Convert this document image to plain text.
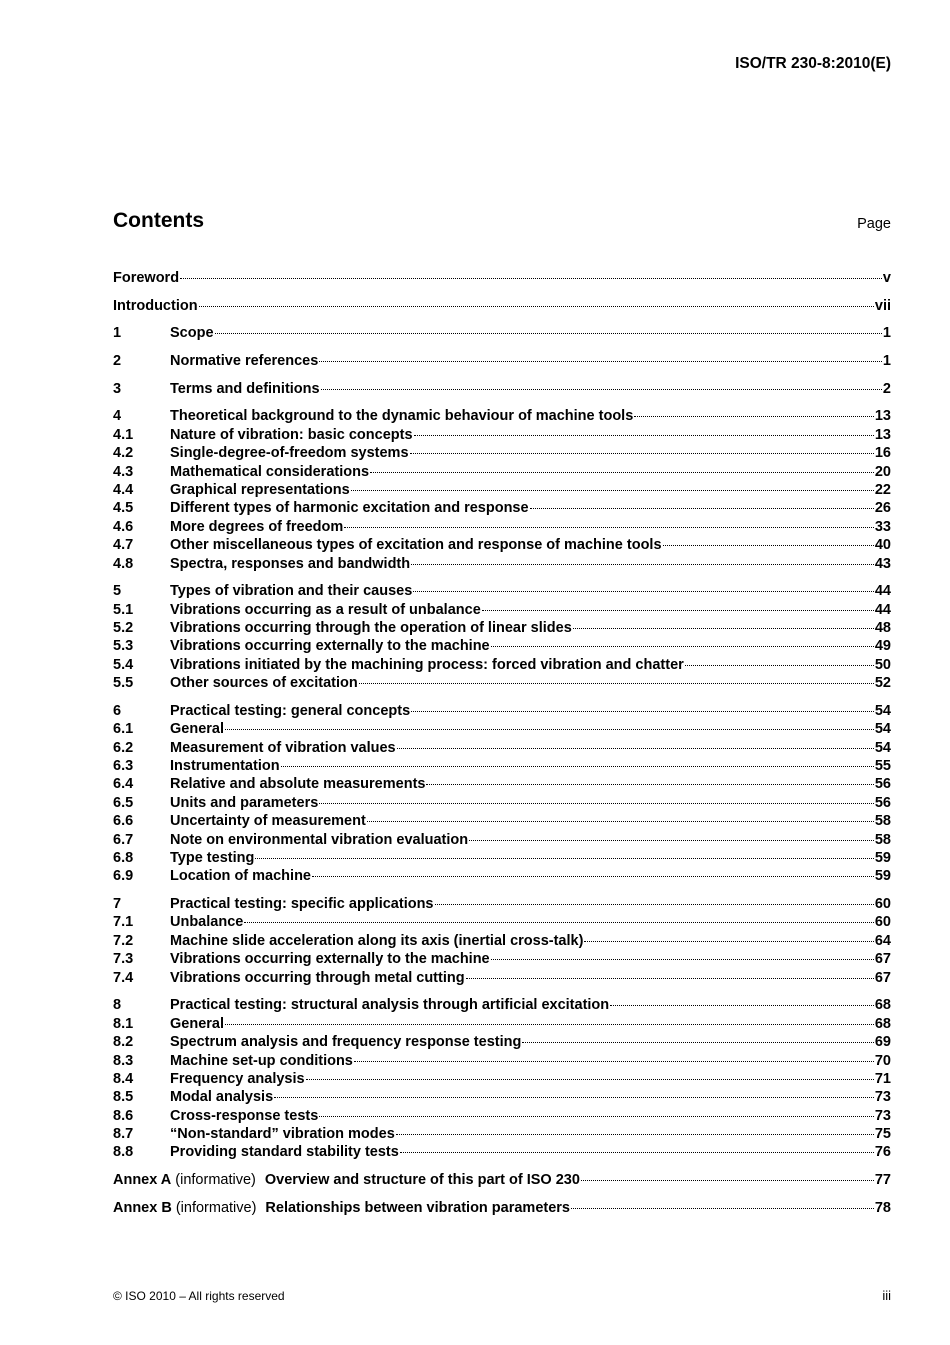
ISO/TR 230-8:2010(E)

Contents	Page
Foreword	v
Introduction	vii
1	Scope	1
2	Normative references	1
3	Terms and definitions	2
4	Theoretical background to the dynamic behaviour of machine tools	13
4.1	Nature of vibration: basic concepts	13
4.2	Single-degree-of-freedom systems	16
4.3	Mathematical considerations	20
4.4	Graphical representations	22
4.5	Different types of harmonic excitation and response	26
4.6	More degrees of freedom	33
4.7	Other miscellaneous types of excitation and response of machine tools	40
4.8	Spectra, responses and bandwidth	43
5	Types of vibration and their causes	44
5.1	Vibrations occurring as a result of unbalance	44
5.2	Vibrations occurring through the operation of linear slides	48
5.3	Vibrations occurring externally to the machine	49
5.4	Vibrations initiated by the machining process: forced vibration and chatter	50
5.5	Other sources of excitation	52
6	Practical testing: general concepts	54
6.1	General	54
6.2	Measurement of vibration values	54
6.3	Instrumentation	55
6.4	Relative and absolute measurements	56
6.5	Units and parameters	56
6.6	Uncertainty of measurement	58
6.7	Note on environmental vibration evaluation	58
6.8	Type testing	59
6.9	Location of machine	59
7	Practical testing: specific applications	60
7.1	Unbalance	60
7.2	Machine slide acceleration along its axis (inertial cross-talk)	64
7.3	Vibrations occurring externally to the machine	67
7.4	Vibrations occurring through metal cutting	67
8	Practical testing: structural analysis through artificial excitation	68
8.1	General	68
8.2	Spectrum analysis and frequency response testing	69
8.3	Machine set-up conditions	70
8.4	Frequency analysis	71
8.5	Modal analysis	73
8.6	Cross-response tests	73
8.7	“Non-standard” vibration modes	75
8.8	Providing standard stability tests	76
Annex A (informative) Overview and structure of this part of ISO 230	77
Annex B (informative) Relationships between vibration parameters	78
© ISO 2010 – All rights reserved	iii
